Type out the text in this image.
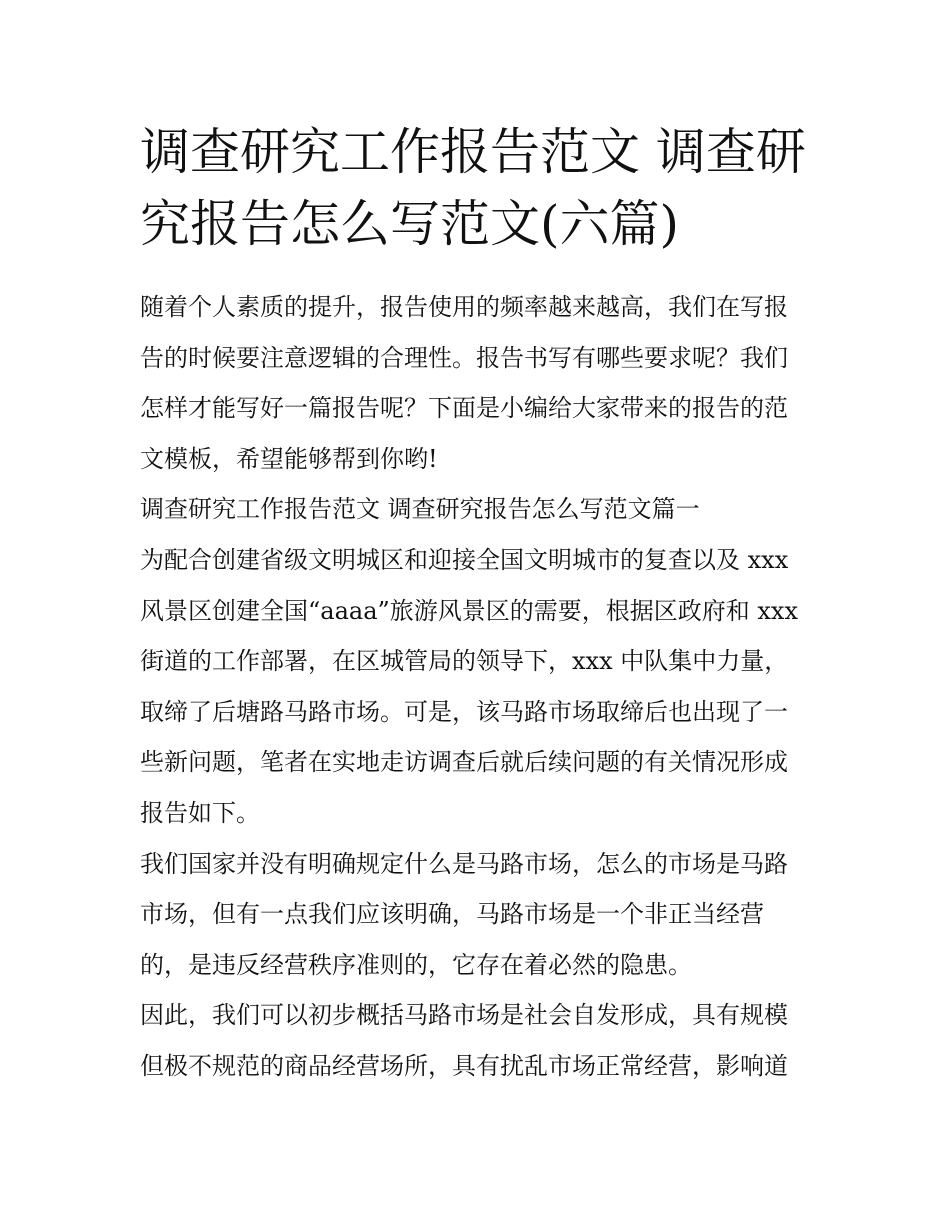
调查研究工作报告范文 调查研
究报告怎么写范文(六篇)
随着个人素质的提升，报告使用的频率越来越高，我们在写报
告的时候要注意逻辑的合理性。报告书写有哪些要求呢？我们
怎样才能写好一篇报告呢？下面是小编给大家带来的报告的范
文模板，希望能够帮到你哟!
调查研究工作报告范文 调查研究报告怎么写范文篇一
为配合创建省级文明城区和迎接全国文明城市的复查以及 xxx
风景区创建全国“aaaa”旅游风景区的需要，根据区政府和 xxx
街道的工作部署，在区城管局的领导下，xxx 中队集中力量，
取缔了后塘路马路市场。可是，该马路市场取缔后也出现了一
些新问题，笔者在实地走访调查后就后续问题的有关情况形成
报告如下。
我们国家并没有明确规定什么是马路市场，怎么的市场是马路
市场，但有一点我们应该明确，马路市场是一个非正当经营
的，是违反经营秩序准则的，它存在着必然的隐患。
因此，我们可以初步概括马路市场是社会自发形成，具有规模
但极不规范的商品经营场所，具有扰乱市场正常经营，影响道
